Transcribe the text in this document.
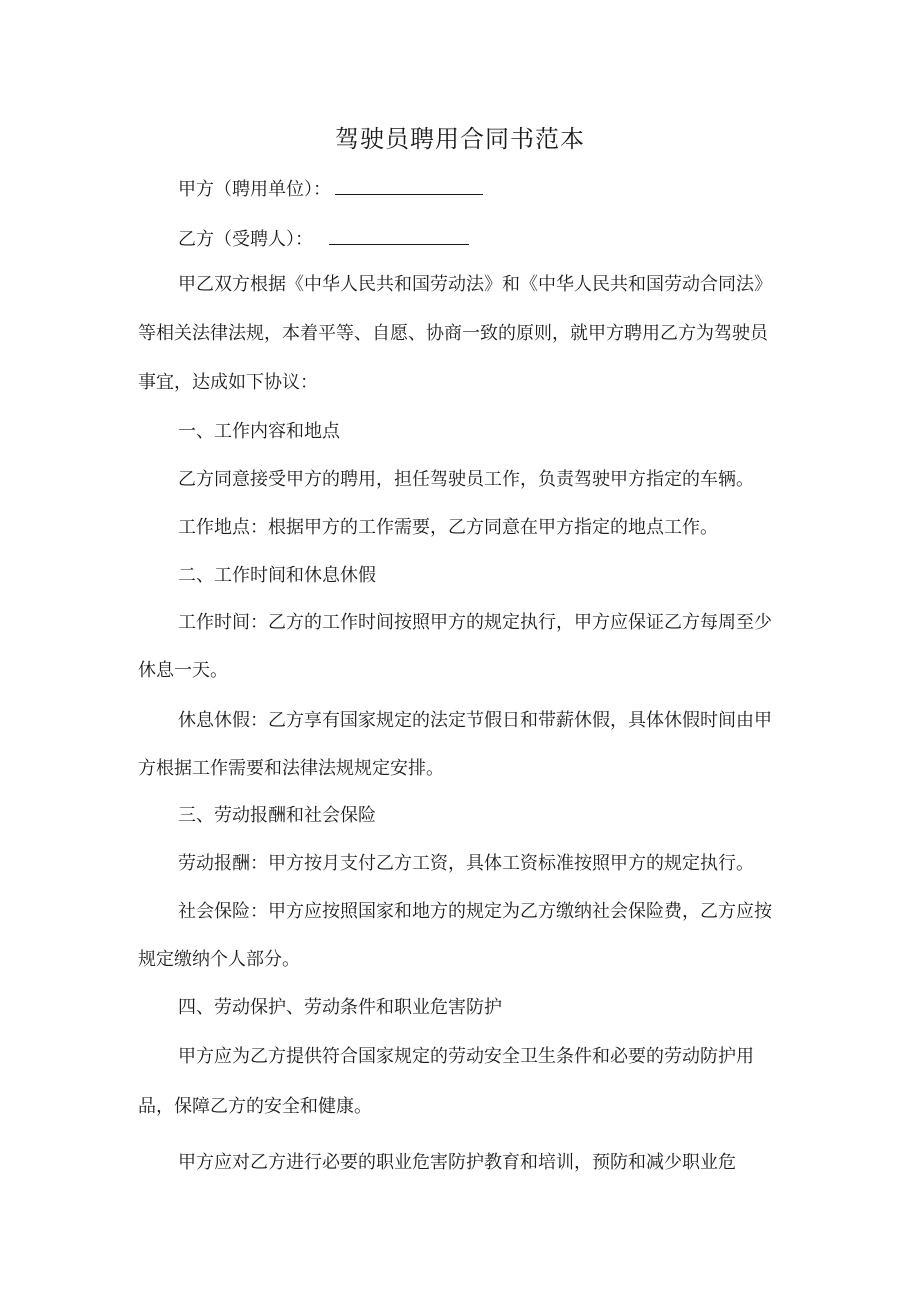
驾驶员聘用合同书范本
甲方（聘用单位）：
乙方（受聘人）：
甲乙双方根据《中华人民共和国劳动法》和《中华人民共和国劳动合同法》
等相关法律法规，本着平等、自愿、协商一致的原则，就甲方聘用乙方为驾驶员
事宜，达成如下协议：
一、工作内容和地点
乙方同意接受甲方的聘用，担任驾驶员工作，负责驾驶甲方指定的车辆。
工作地点：根据甲方的工作需要，乙方同意在甲方指定的地点工作。
二、工作时间和休息休假
工作时间：乙方的工作时间按照甲方的规定执行，甲方应保证乙方每周至少
休息一天。
休息休假：乙方享有国家规定的法定节假日和带薪休假，具体休假时间由甲
方根据工作需要和法律法规规定安排。
三、劳动报酬和社会保险
劳动报酬：甲方按月支付乙方工资，具体工资标准按照甲方的规定执行。
社会保险：甲方应按照国家和地方的规定为乙方缴纳社会保险费，乙方应按
规定缴纳个人部分。
四、劳动保护、劳动条件和职业危害防护
甲方应为乙方提供符合国家规定的劳动安全卫生条件和必要的劳动防护用
品，保障乙方的安全和健康。
甲方应对乙方进行必要的职业危害防护教育和培训，预防和减少职业危
